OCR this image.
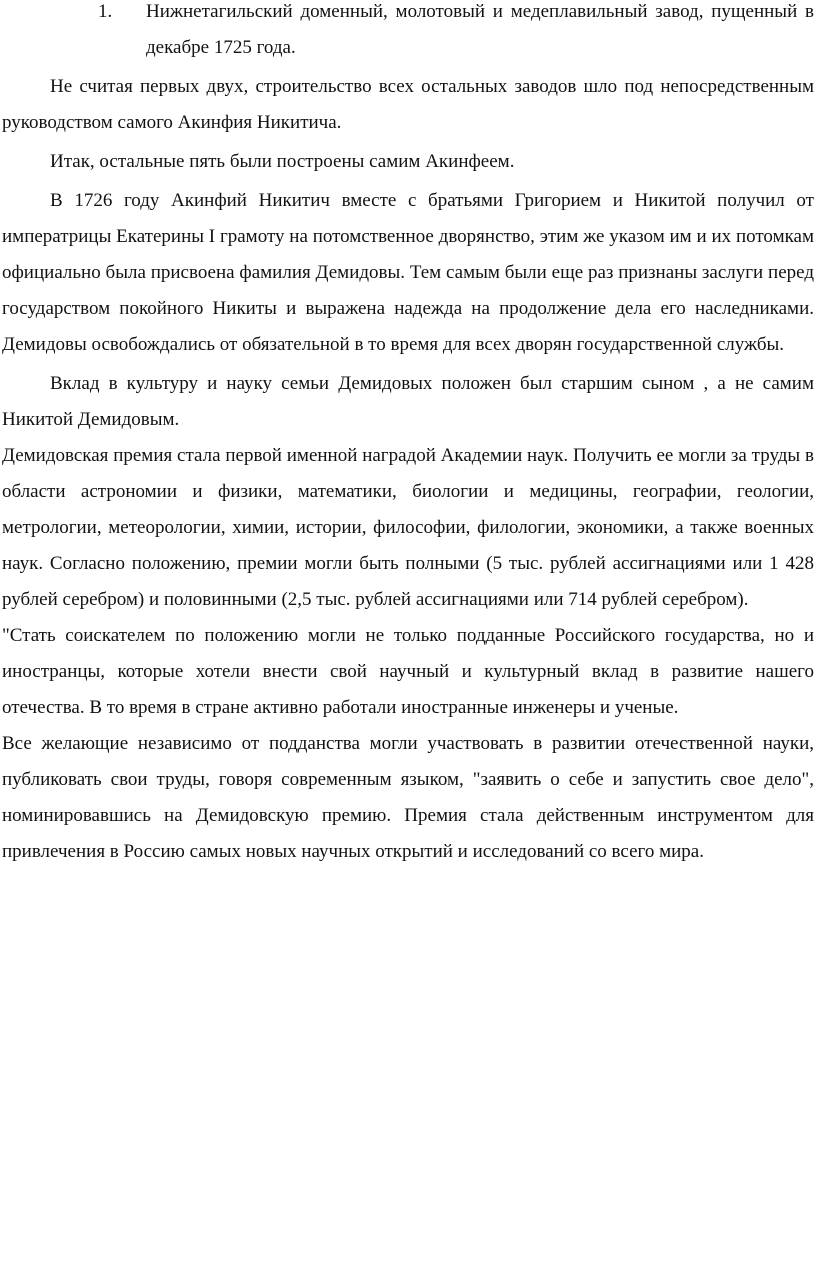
1.	Нижнетагильский доменный, молотовый и медеплавильный завод, пущенный в декабре 1725 года.

Не считая первых двух, строительство всех остальных заводов шло под непосредственным руководством самого Акинфия Никитича.

Итак, остальные пять были построены самим Акинфеем.

В 1726 году Акинфий Никитич вместе с братьями Григорием и Никитой получил от императрицы Екатерины I грамоту на потомственное дворянство, этим же указом им и их потомкам официально была присвоена фамилия Демидовы. Тем самым были еще раз признаны заслуги перед государством покойного Никиты и выражена надежда на продолжение дела его наследниками. Демидовы освобождались от обязательной в то время для всех дворян государственной службы.

Вклад в культуру и науку семьи Демидовых положен был старшим сыном , а не самим Никитой Демидовым.

Демидовская премия стала первой именной наградой Академии наук. Получить ее могли за труды в области астрономии и физики, математики, биологии и медицины, географии, геологии, метрологии, метеорологии, химии, истории, философии, филологии, экономики, а также военных наук. Согласно положению, премии могли быть полными (5 тыс. рублей ассигнациями или 1 428 рублей серебром) и половинными (2,5 тыс. рублей ассигнациями или 714 рублей серебром).

"Стать соискателем по положению могли не только подданные Российского государства, но и иностранцы, которые хотели внести свой научный и культурный вклад в развитие нашего отечества. В то время в стране активно работали иностранные инженеры и ученые.

Все желающие независимо от подданства могли участвовать в развитии отечественной науки, публиковать свои труды, говоря современным языком, "заявить о себе и запустить свое дело", номинировавшись на Демидовскую премию. Премия стала действенным инструментом для привлечения в Россию самых новых научных открытий и исследований со всего мира.
